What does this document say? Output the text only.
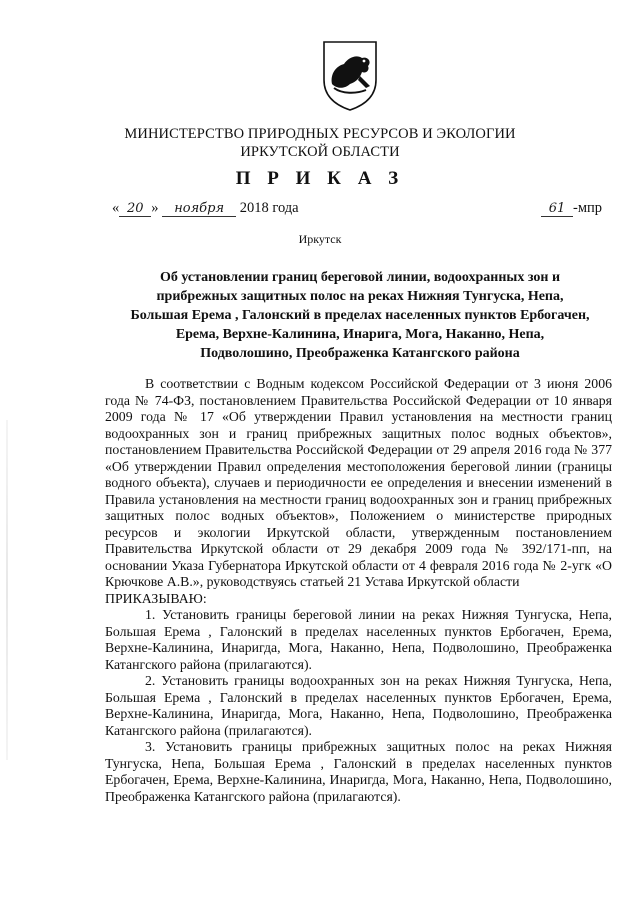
МИНИСТЕРСТВО ПРИРОДНЫХ РЕСУРСОВ И ЭКОЛОГИИ
ИРКУТСКОЙ ОБЛАСТИ
П Р И К А З
« 20 » ноября 2018 года	61 -мпр
Иркутск
Об установлении границ береговой линии, водоохранных зон и
прибрежных защитных полос на реках Нижняя Тунгуска, Непа,
Большая Ерема , Галонский в пределах населенных пунктов Ербогачен,
Ерема, Верхне-Калинина, Инарига, Мога, Наканно, Непа,
Подволошино, Преображенка Катангского района

В соответствии с Водным кодексом Российской Федерации от 3 июня 2006 года № 74-ФЗ, постановлением Правительства Российской Федерации от 10 января 2009 года № 17 «Об утверждении Правил установления на местности границ водоохранных зон и границ прибрежных защитных полос водных объектов», постановлением Правительства Российской Федерации от 29 апреля 2016 года № 377 «Об утверждении Правил определения местоположения береговой линии (границы водного объекта), случаев и периодичности ее определения и внесении изменений в Правила установления на местности границ водоохранных зон и границ прибрежных защитных полос водных объектов», Положением о министерстве природных ресурсов и экологии Иркутской области, утвержденным постановлением Правительства Иркутской области от 29 декабря 2009 года № 392/171-пп, на основании Указа Губернатора Иркутской области от 4 февраля 2016 года № 2-угк «О Крючкове А.В.», руководствуясь статьей 21 Устава Иркутской области

ПРИКАЗЫВАЮ:

1. Установить границы береговой линии на реках Нижняя Тунгуска, Непа, Большая Ерема , Галонский в пределах населенных пунктов Ербогачен, Ерема, Верхне-Калинина, Инаригда, Мога, Наканно, Непа, Подволошино, Преображенка Катангского района (прилагаются).

2. Установить границы водоохранных зон на реках Нижняя Тунгуска, Непа, Большая Ерема , Галонский в пределах населенных пунктов Ербогачен, Ерема, Верхне-Калинина, Инаригда, Мога, Наканно, Непа, Подволошино, Преображенка Катангского района (прилагаются).

3. Установить границы прибрежных защитных полос на реках Нижняя Тунгуска, Непа, Большая Ерема , Галонский в пределах населенных пунктов Ербогачен, Ерема, Верхне-Калинина, Инаригда, Мога, Наканно, Непа, Подволошино, Преображенка Катангского района (прилагаются).
